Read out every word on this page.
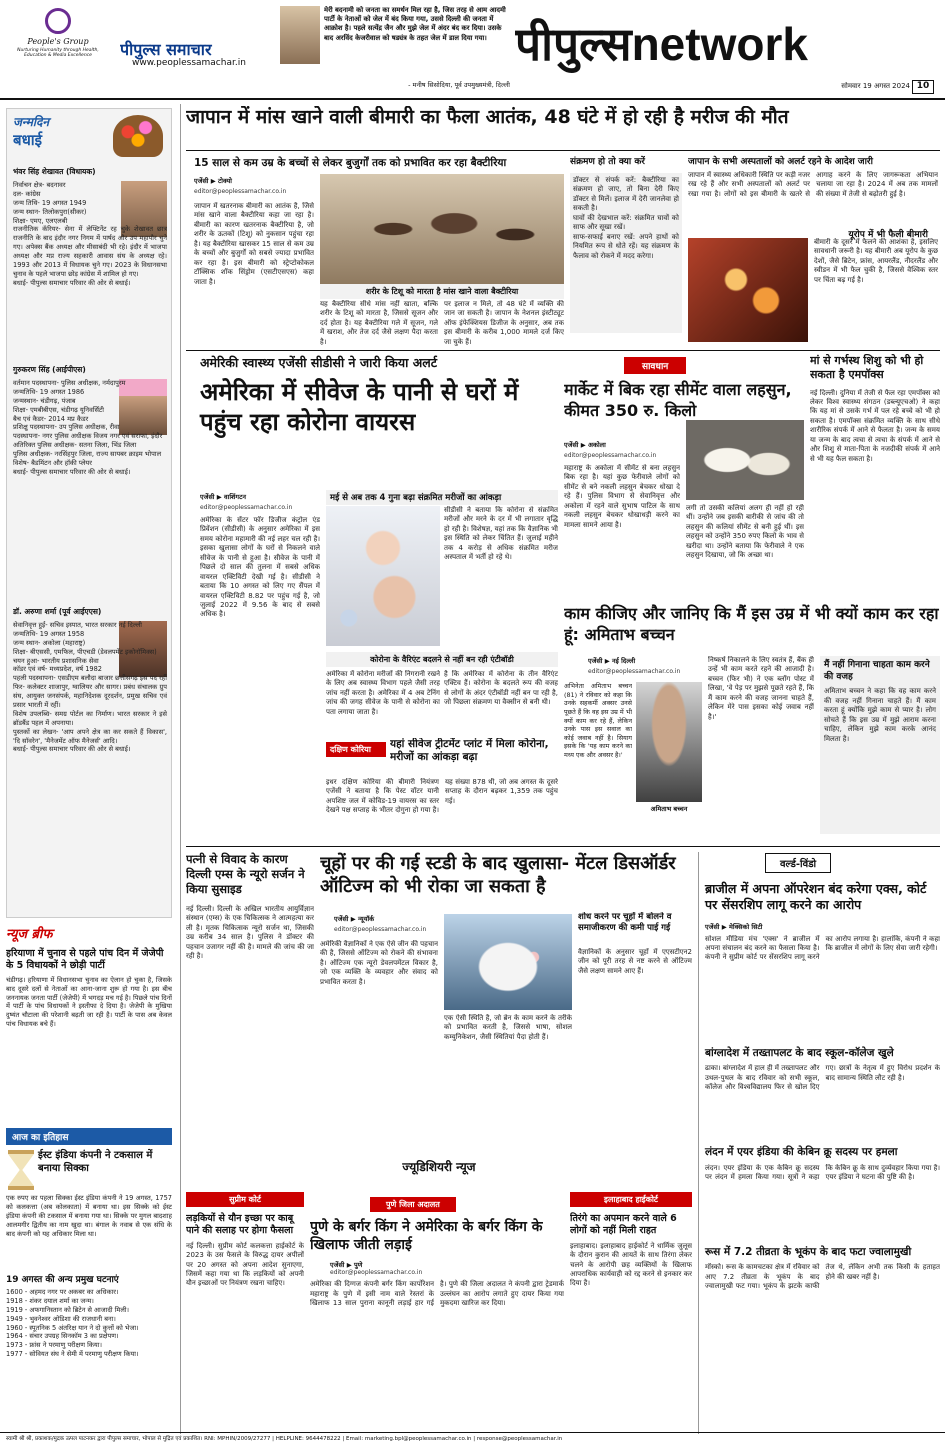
People's Group
Nurturing Humanity through Health, Education & Media Excellence	पीपुल्स समाचार
www.peoplessamachar.in
मेरी बदनामी को जनता का समर्थन मिल रहा है, जिस तरह से आम आदमी पार्टी के नेताओं को जेल में बंद किया गया, उससे दिल्ली की जनता में आक्रोश है। पहले सत्येंद्र जैन और मुझे जेल में अंदर बंद कर दिया। उसके बाद अरविंद केजरीवाल को षड्यंत्र के तहत जेल में डाल दिया गया।
- मनीष सिसोदिया, पूर्व उपमुख्यमंत्री, दिल्ली
पीपुल्सnetwork
सोमवार 19 अगस्त 2024 10
जन्मदिन
बधाई
भंवर सिंह शेखावत (विधायक)
निर्वाचन क्षेत्र- बदनावर
दल- कांग्रेस
जन्म तिथि- 19 अगस्त 1949
जन्म स्थान- तिलोकपुरा(सीकर)
शिक्षा- एमए, एलएलबी
राजनीतिक कॅरियर- सेना में लेफ्टिनेंट रह चुके शेखावत छात्र राजनीति के बाद इंदौर नगर निगम में पार्षद और उप महापौर चुने गए। अपेक्स बैंक अध्यक्ष और मीसाबंदी भी रहे। इंदौर में भाजपा अध्यक्ष और मप्र राज्य सहकारी आवास संघ के अध्यक्ष रहे। 1993 और 2013 में विधायक चुने गए। 2023 के विधानसभा चुनाव के पहले भाजपा छोड़ कांग्रेस में शामिल हो गए।
बधाई- पीपुल्स समाचार परिवार की ओर से बधाई।
गुरुकरण सिंह (आईपीएस)
वर्तमान पदस्थापना- पुलिस अधीक्षक, नर्मदापुरम
जन्मतिथि- 19 अगस्त 1986
जन्मस्थान- चंडीगढ़, पंजाब
शिक्षा- एमबीबीएस, चंडीगढ़ यूनिवर्सिटी
बैच एवं कैडर- 2014 मप्र कैडर
प्रशिक्षु पदस्थापना- उप पुलिस अधीक्षक, रीवा
पदस्थापना- नगर पुलिस अधीक्षक विजय नगर एवं सराफा, इंदौर
अतिरिक्त पुलिस अधीक्षक- सतना जिला, भिंड जिला
पुलिस अधीक्षक- नरसिंहपुर जिला, राज्य सायबर क्राइम भोपाल
विशेष- बैडमिंटन और हॉकी प्लेयर
बधाई- पीपुल्स समाचार परिवार की ओर से बधाई।
डॉ. अरुणा शर्मा (पूर्व आईएएस)
सेवानिवृत्त हुईं- सचिव इस्पात, भारत सरकार नई दिल्ली
जन्मतिथि- 19 अगस्त 1958
जन्म स्थान- अकोला (महाराष्ट्र)
शिक्षा- बीएससी, एमफिल, पीएचडी (डेवलपमेंट इकोनॉमिक्स)
चयन हुआ- भारतीय प्रशासनिक सेवा
कॉडर एवं वर्ष- मध्यप्रदेश, वर्ष 1982
पहली पदस्थापना- एसडीएम बलौदा बाजार छत्तीसगढ़ इस पद रहीं फिर- कलेक्टर शाजापुर, ग्वालियर और सागर। प्रबंध संचालक ग्रुप संघ, आयुक्त जनसंपर्क, महानिदेशक दूरदर्शन, प्रमुख सचिव एवं प्रसार भारती में रहीं।
विशेष उपलब्धि- समग्र पोर्टल का निर्माण। भारत सरकार ने इसे ब्रॉडबैंड पहल में अपनाया।
पुस्तकों का लेखन- 'आप अपने क्षेत्र का कर सकते हैं विकास', 'दि सॉवरेन', 'मैनेजमेंट ऑफ मैनेजर्स' आदि।
बधाई- पीपुल्स समाचार परिवार की ओर से बधाई।
न्यूज ब्रीफ
हरियाणा में चुनाव से पहले पांच दिन में जेजेपी के 5 विधायकों ने छोड़ी पार्टी
चंडीगढ़। हरियाणा में विधानसभा चुनाव का ऐलान हो चुका है, जिसके बाद दूसरे दलों से नेताओं का आना-जाना शुरू हो गया है। इस बीच जननायक जनता पार्टी (जेजेपी) में भगदड़ मच गई है। पिछले पांच दिनों में पार्टी के पांच विधायकों ने इस्तीफा दे दिया है। जेजेपी के मुखिया दुष्यंत चौटाला की परेशानी बढ़ती जा रही है। पार्टी के पास अब केवल पांच विधायक बचे हैं।
आज का इतिहास
ईस्ट इंडिया कंपनी ने टकसाल में बनाया सिक्का
एक रुपए का पहला सिक्का ईस्ट इंडिया कंपनी ने 19 अगस्त, 1757 को कलकत्ता (अब कोलकाता) में बनाया था। इस सिक्के को ईस्ट इंडिया कंपनी की टकसाल में बनाया गया था। सिक्के पर मुगल बादशाह आलमगीर द्वितीय का नाम खुदा था। बंगाल के नवाब से एक संधि के बाद कंपनी को यह अधिकार मिला था।
19 अगस्त की अन्य प्रमुख घटनाएं
1600 - अहमद नगर पर अकबर का अधिकार।
1918 - शंकर दयाल शर्मा का जन्म।
1919 - अफगानिस्तान को ब्रिटेन से आजादी मिली।
1949 - भुवनेश्वर ओडिशा की राजधानी बना।
1960 - स्पूतनिक 5 अंतरिक्ष यान ने दो कुत्तों को भेजा।
1964 - संचार उपग्रह सिनकॉम 3 का प्रक्षेपण।
1973 - फ्रांस ने परमाणु परीक्षण किया।
1977 - सोवियत संघ ने सेमी में परमाणु परीक्षण किया।
जापान में मांस खाने वाली बीमारी का फैला आतंक, 48 घंटे में हो रही है मरीज की मौत
15 साल से कम उम्र के बच्चों से लेकर बुजुर्गों तक को प्रभावित कर रहा बैक्टीरिया
एजेंसी ▶ टोक्यो
editor@peoplessamachar.co.in
जापान में खतरनाक बीमारी का आतंक है, जिसे मांस खाने वाला बैक्टीरिया कहा जा रहा है। बीमारी का कारण खतरनाक बैक्टीरिया है, जो शरीर के ऊतकों (टिशू) को नुकसान पहुंचा रहा है। यह बैक्टीरिया खासकर 15 साल से कम उम्र के बच्चों और बुजुर्गों को सबसे ज्यादा प्रभावित कर रहा है। इस बीमारी को स्ट्रेप्टोकोकल टॉक्सिक शॉक सिंड्रोम (एसटीएसएस) कहा जाता है।
शरीर के टिशू को मारता है मांस खाने वाला बैक्टीरिया
यह बैक्टीरिया सीधे मांस नहीं खाता, बल्कि शरीर के टिशू को मारता है, जिससे सूजन और दर्द होता है। यह बैक्टीरिया गले में सूजन, गले में खराश, और तेज दर्द जैसे लक्षण पैदा करता है।
पर इलाज न मिले, तो 48 घंटे में व्यक्ति की जान जा सकती है। जापान के नेशनल इंस्टीट्यूट ऑफ इंफेक्शियस डिजीज के अनुसार, अब तक इस बीमारी के करीब 1,000 मामले दर्ज किए जा चुके हैं।
संक्रमण हो तो क्या करें
डॉक्टर से संपर्क करें: बैक्टीरिया का संक्रमण हो जाए, तो बिना देरी किए डॉक्टर से मिलें। इलाज में देरी जानलेवा हो सकती है।
घावों की देखभाल करें: संक्रमित घावों को साफ और सूखा रखें।
साफ-सफाई बनाए रखें: अपने हाथों को नियमित रूप से धोते रहें। यह संक्रमण के फैलाव को रोकने में मदद करेगा।
जापान के सभी अस्पतालों को अलर्ट रहने के आदेश जारी
जापान में स्वास्थ्य अधिकारी स्थिति पर कड़ी नजर रख रहे हैं और सभी अस्पतालों को अलर्ट पर रखा गया है। लोगों को इस बीमारी के खतरे से आगाह करने के लिए जागरूकता अभियान चलाया जा रहा है। 2024 में अब तक मामलों की संख्या में तेजी से बढ़ोतरी हुई है।
यूरोप में भी फैली बीमारी
बीमारी के दूसरे में फैलने की आशंका है, इसलिए सावधानी जरूरी है। यह बीमारी अब यूरोप के कुछ देशों, जैसे ब्रिटेन, फ्रांस, आयरलैंड, नीदरलैंड और स्वीडन में भी फैल चुकी है, जिससे वैश्विक स्तर पर चिंता बढ़ गई है।
अमेरिकी स्वास्थ्य एजेंसी सीडीसी ने जारी किया अलर्ट
अमेरिका में सीवेज के पानी से घरों में पहुंच रहा कोरोना वायरस
एजेंसी ▶ वाशिंगटन
editor@peoplessamachar.co.in
अमेरिका के सेंटर फॉर डिजीज कंट्रोल एंड प्रिवेंशन (सीडीसी) के अनुसार अमेरिका में इस समय कोरोना महामारी की नई लहर चल रही है। इसका खुलासा लोगों के घरों से निकलने वाले सीवेज के पानी से हुआ है। सीवेज के पानी में पिछले दो साल की तुलना में सबसे अधिक वायरल एक्टिविटी देखी गई है। सीडीसी ने बताया कि 10 अगस्त को लिए गए सैंपल में वायरल एक्टिविटी 8.82 पर पहुंच गई है, जो जुलाई 2022 में 9.56 के बाद से सबसे अधिक है।
मई से अब तक 4 गुना बढ़ा संक्रमित मरीजों का आंकड़ा
सीडीसी ने बताया कि कोरोना से संक्रमित मरीजों और मरने के दर में भी लगातार वृद्धि हो रही है। विशेषज्ञ, यहां तक कि वैज्ञानिक भी इस स्थिति को लेकर चिंतित हैं। जुलाई महीने तक 4 करोड़ से अधिक संक्रमित मरीज अस्पताल में भर्ती हो रहे थे।
कोरोना के वैरिएंट बदलने से नहीं बन रही एंटीबॉडी
अमेरिका में कोरोना मरीजों की निगरानी रखने के लिए अब स्वास्थ्य विभाग पहले जैसी तरह जांच नहीं करता है। अमेरिका में 4 अब टेनिंग जांच की जगह सीवेज के पानी से कोरोना का पता लगाया जाता है।
है कि अमेरिका में कोरोना के तीन वैरिएंट एक्टिव हैं। कोरोना के बदलते रूप की वजह से लोगों के अंदर एंटीबॉडी नहीं बन पा रही है, जो पिछला संक्रमण या वैक्सीन से बनी थी।
दक्षिण कोरिया	यहां सीवेज ट्रीटमेंट प्लांट में मिला कोरोना, मरीजों का आंकड़ा बढ़ा
इधर दक्षिण कोरिया की बीमारी नियंत्रण एजेंसी ने बताया है कि पेस्ट वॉटर यानी अपशिष्ट जल में कोविड-19 वायरस का स्तर देखने पक्ष सप्ताह के भीतर दोगुना हो गया है। यह संख्या 878 थी, जो अब अगस्त के दूसरे सप्ताह के दौरान बढ़कर 1,359 तक पहुंच गई।
सावधान
मार्केट में बिक रहा सीमेंट वाला लहसुन, कीमत 350 रु. किलो
एजेंसी ▶ अकोला
editor@peoplessamachar.co.in
महाराष्ट्र के अकोला में सीमेंट से बना लहसुन बिक रहा है। यहां कुछ फेरीवाले लोगों को सीमेंट से बने नकली लहसुन बेचकर धोखा दे रहे हैं। पुलिस विभाग से सेवानिवृत्त और अकोला में रहने वाले सुभाष पाटिल के साथ नकली लहसुन बेचकर धोखाधड़ी करने का मामला सामने आया है।
लगी तो उसकी कलियां अलग ही नहीं हो रही थीं। उन्होंने जब इसकी बारीकी से जांच की तो लहसुन की कलियां सीमेंट से बनी हुई थीं। इस लहसुन को उन्होंने 350 रुपए किलो के भाव से खरीदा था। उन्होंने बताया कि फेरीवाले ने एक लहसुन दिखाया, जो कि अच्छा था।
मां से गर्भस्थ शिशु को भी हो सकता है एमपॉक्स
नई दिल्ली। दुनिया में तेजी से फैल रहा एमपॉक्स को लेकर विश्व स्वास्थ्य संगठन (डब्ल्यूएचओ) ने कहा कि यह मां से उसके गर्भ में पल रहे बच्चे को भी हो सकता है। एमपॉक्स संक्रमित व्यक्ति के साथ सीधे शारीरिक संपर्क में आने से फैलता है। जन्म के समय या जन्म के बाद त्वचा से त्वचा के संपर्क में आने से और शिशु से माता-पिता के नजदीकी संपर्क में आने से भी यह फैल सकता है।
काम कीजिए और जानिए कि मैं इस उम्र में भी क्यों काम कर रहा हूं: अमिताभ बच्चन
एजेंसी ▶ नई दिल्ली
editor@peoplessamachar.co.in
अभिनेता अमिताभ बच्चन (81) ने रविवार को कहा कि उनके सहकर्मी अक्सर उनसे पूछते हैं कि वह इस उम्र में भी क्यों काम कर रहे हैं, लेकिन उनके पास इस सवाल का कोई जवाब नहीं है। सियाग इसके कि 'यह काम करने का मध्य एक और अवसर है।'
अमिताभ बच्चन
निष्कर्ष निकालने के लिए स्वतंत्र हैं, बैंक ही उन्हें भी काम करते रहने की आजादी है। बच्चन (फिर भी) ने एक ब्लॉग पोस्ट में लिखा, 'वे पेड़ पर मुझसे पूछते रहते हैं, कि मैं काम करने की वजह जानना चाहते हैं, लेकिन मेरे पास इसका कोई जवाब नहीं है।'
मैं नहीं गिनाना चाहता काम करने की वजह
अमिताभ बच्चन ने कहा कि वह काम करने की वजह नहीं गिनाना चाहते हैं। मैं काम करता हूं क्योंकि मुझे काम से प्यार है। लोग सोचते हैं कि इस उम्र में मुझे आराम करना चाहिए, लेकिन मुझे काम करके आनंद मिलता है।
पत्नी से विवाद के कारण दिल्ली एम्स के न्यूरो सर्जन ने किया सुसाइड
नई दिल्ली। दिल्ली के अखिल भारतीय आयुर्विज्ञान संस्थान (एम्स) के एक चिकित्सक ने आत्महत्या कर ली है। मृतक चिकित्सक न्यूरो सर्जन था, जिसकी उम्र करीब 34 साल है। पुलिस ने डॉक्टर की पहचान उजागर नहीं की है। मामले की जांच की जा रही है।
चूहों पर की गई स्टडी के बाद खुलासा- मेंटल डिसऑर्डर ऑटिज्म को भी रोका जा सकता है
एजेंसी ▶ न्यूयॉर्क
editor@peoplessamachar.co.in
अमेरिकी वैज्ञानिकों ने एक ऐसे जीन की पहचान की है, जिससे ऑटिज्म को रोकने की संभावना है। ऑटिज्म एक न्यूरो डेवलपमेंटल विकार है, जो एक व्यक्ति के व्यवहार और संवाद को प्रभावित करता है।
एक ऐसी स्थिति है, जो ब्रेन के काम करने के तरीके को प्रभावित करती है, जिससे भाषा, सोशल कम्युनिकेशन, जैसी स्थितियां पैदा होती हैं।
शोध करने पर चूहों में बोलने व समाजीकरण की कमी पाई गई
वैज्ञानिकों के अनुसार चूहों में एएसटीएन2 जीन को पूरी तरह से नष्ट करने से ऑटिज्म जैसे लक्षण सामने आए हैं।
वर्ल्ड-विंडो
ब्राजील में अपना ऑपरेशन बंद करेगा एक्स, कोर्ट पर सेंसरशिप लागू करने का आरोप
एजेंसी ▶ मेक्सिको सिटी
सोशल मीडिया मंच 'एक्स' ने ब्राजील में अपना संचालन बंद करने का फैसला किया है। कंपनी ने सुप्रीम कोर्ट पर सेंसरशिप लागू करने का आरोप लगाया है। हालांकि, कंपनी ने कहा कि ब्राजील में लोगों के लिए सेवा जारी रहेगी।
बांग्लादेश में तख्तापलट के बाद स्कूल-कॉलेज खुले
ढाका। बांग्लादेश में हाल ही में तख्तापलट और उथल-पुथल के बाद रविवार को सभी स्कूल, कॉलेज और विश्वविद्यालय फिर से खोल दिए गए। छात्रों के नेतृत्व में हुए विरोध प्रदर्शन के बाद सामान्य स्थिति लौट रही है।
लंदन में एयर इंडिया की केबिन क्रू सदस्य पर हमला
लंदन। एयर इंडिया के एक केबिन क्रू सदस्य पर लंदन में हमला किया गया। सूत्रों ने कहा कि केबिन क्रू के साथ दुर्व्यवहार किया गया है। एयर इंडिया ने घटना की पुष्टि की है।
रूस में 7.2 तीव्रता के भूकंप के बाद फटा ज्वालामुखी
मॉस्को। रूस के कामचटका क्षेत्र में रविवार को आए 7.2 तीव्रता के भूकंप के बाद ज्वालामुखी फट गया। भूकंप के झटके काफी तेज थे, लेकिन अभी तक किसी के हताहत होने की खबर नहीं है।
ज्यूडिशियरी न्यूज
सुप्रीम कोर्ट
लड़कियों से यौन इच्छा पर काबू पाने की सलाह पर होगा फैसला
नई दिल्ली। सुप्रीम कोर्ट कलकत्ता हाईकोर्ट के 2023 के उस फैसले के विरुद्ध दायर अपीलों पर 20 अगस्त को अपना आदेश सुनाएगा, जिसमें कहा गया था कि लड़कियों को अपनी यौन इच्छाओं पर नियंत्रण रखना चाहिए।
पुणे जिला अदालत
पुणे के बर्गर किंग ने अमेरिका के बर्गर किंग के खिलाफ जीती लड़ाई
एजेंसी ▶ पुणे
editor@peoplessamachar.co.in
अमेरिका की दिग्गज कंपनी बर्गर किंग कार्पोरेशन महाराष्ट्र के पुणे में इसी नाम वाले रेस्तरां के खिलाफ 13 साल पुराना कानूनी लड़ाई हार गई है। पुणे की जिला अदालत ने कंपनी द्वारा ट्रेडमार्क उल्लंघन का आरोप लगाते हुए दायर किया गया मुकदमा खारिज कर दिया।
इलाहाबाद हाईकोर्ट
तिरंगे का अपमान करने वाले 6 लोगों को नहीं मिली राहत
इलाहाबाद। इलाहाबाद हाईकोर्ट ने धार्मिक जुलूस के दौरान कुरान की आयतें के साथ तिरंगा लेकर चलने के आरोपी छह व्यक्तियों के खिलाफ आपराधिक कार्यवाही को रद्द करने से इनकार कर दिया है।
स्वामी श्री श्री, प्रकाशक/मुद्रक उत्पल पाटनकर द्वारा पीपुल्स समाचार, भोपाल से मुद्रित एवं प्रकाशित। RNI: MPHIN/2009/27277 | HELPLINE: 9644478222 | Email: marketing.bpl@peoplessamachar.co.in | response@peoplessamachar.in
